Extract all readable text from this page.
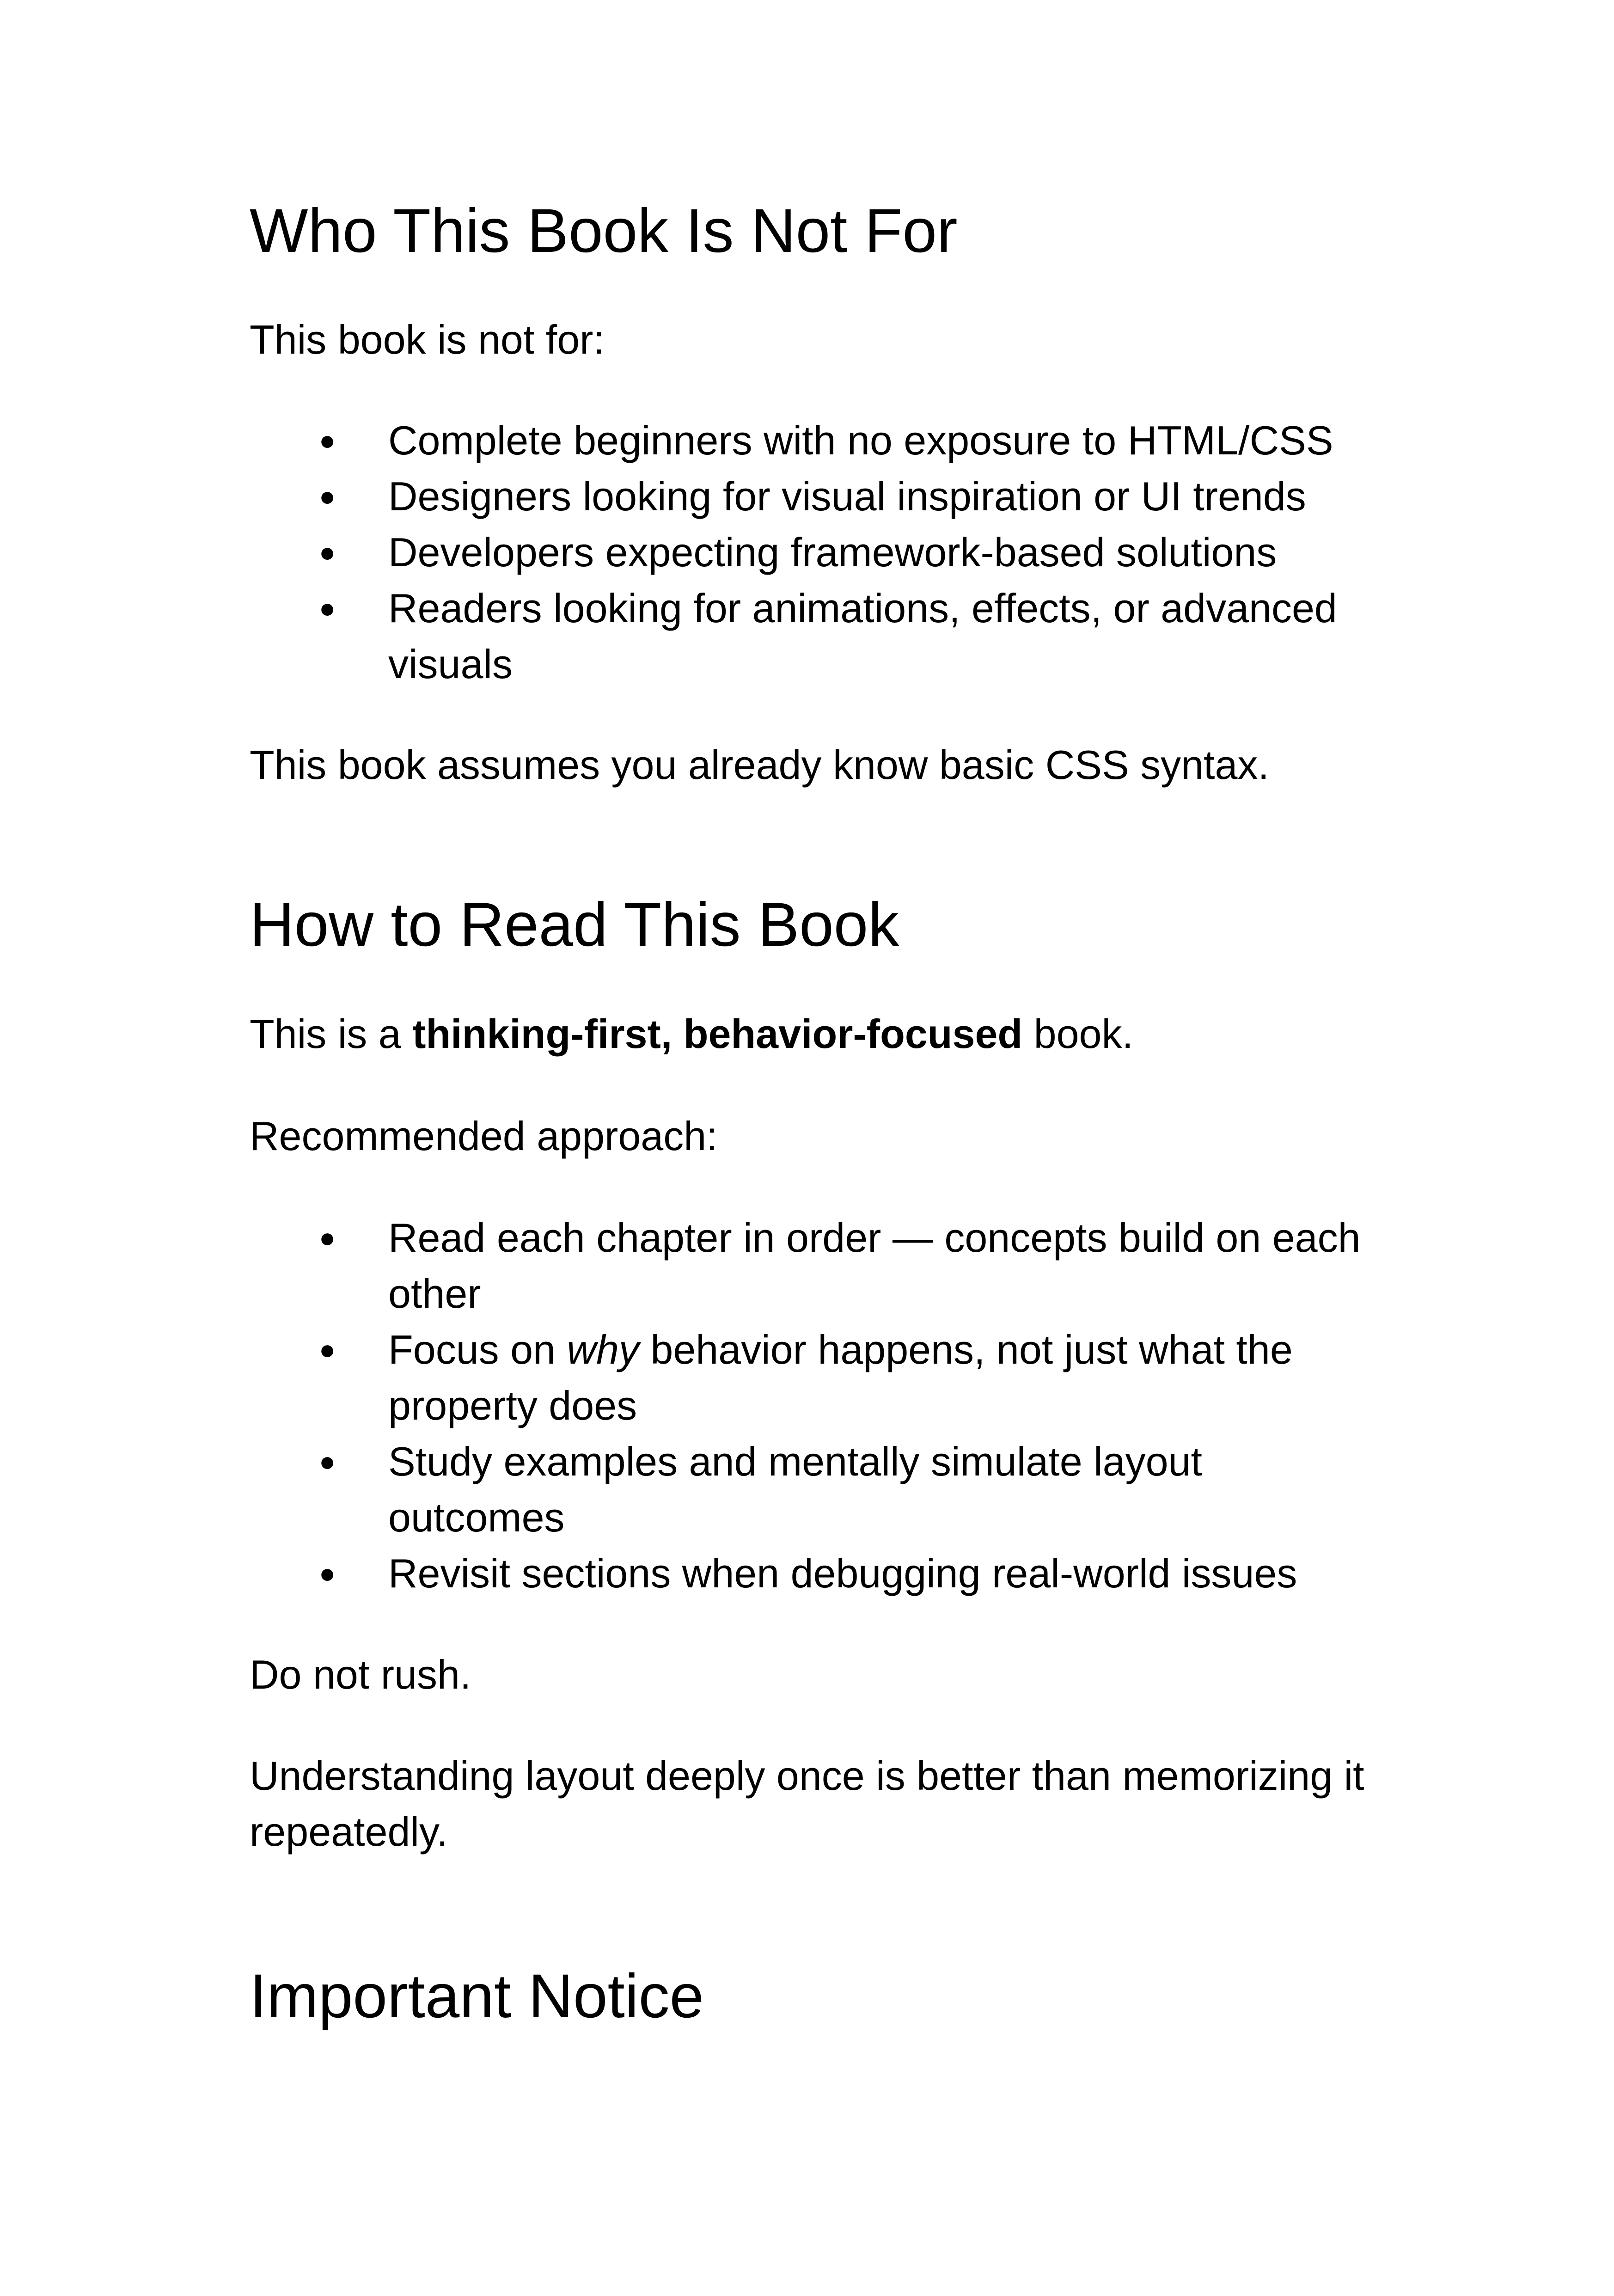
Who This Book Is Not For

This book is not for:

● Complete beginners with no exposure to HTML/CSS
● Designers looking for visual inspiration or UI trends
● Developers expecting framework-based solutions
● Readers looking for animations, effects, or advanced visuals

This book assumes you already know basic CSS syntax.

How to Read This Book

This is a thinking-first, behavior-focused book.

Recommended approach:

● Read each chapter in order — concepts build on each other
● Focus on why behavior happens, not just what the property does
● Study examples and mentally simulate layout outcomes
● Revisit sections when debugging real-world issues

Do not rush.

Understanding layout deeply once is better than memorizing it repeatedly.

Important Notice
